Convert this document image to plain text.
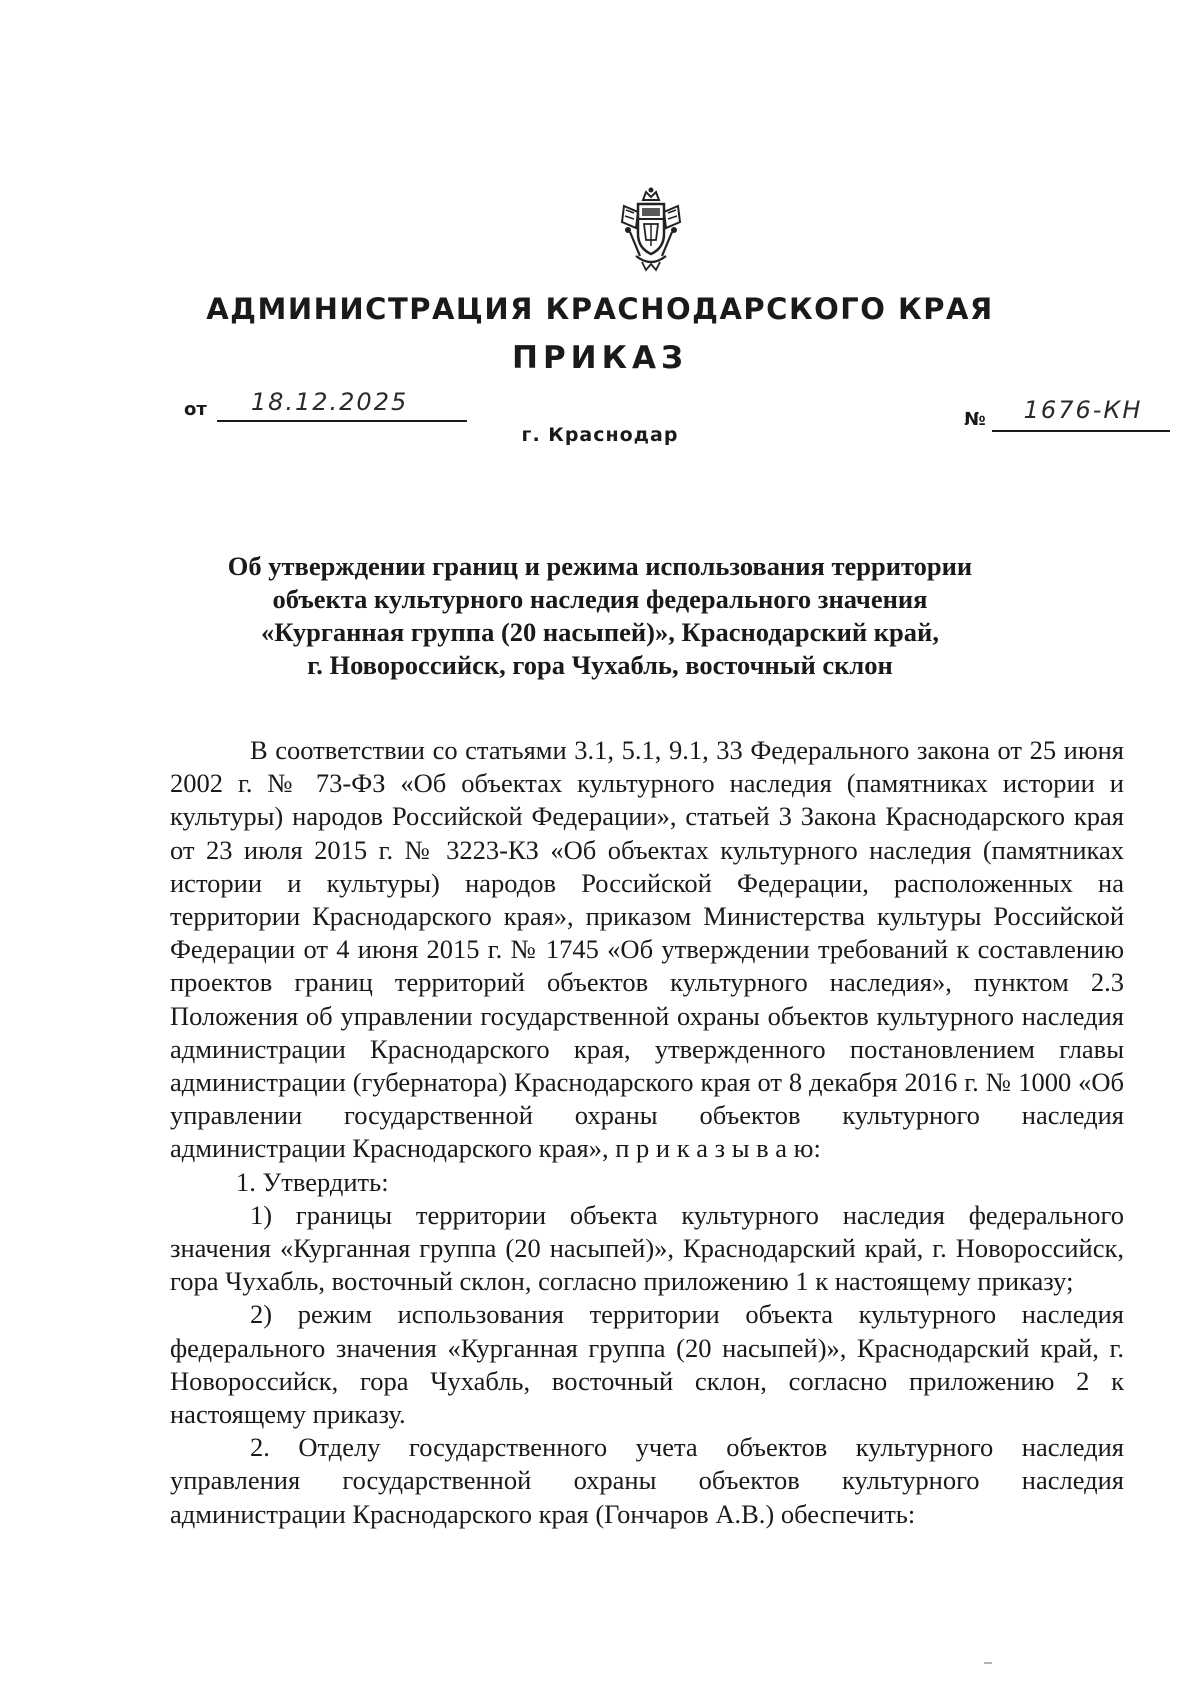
АДМИНИСТРАЦИЯ КРАСНОДАРСКОГО КРАЯ
ПРИКАЗ
от 18.12.2025
№ 1676-КН
г. Краснодар
Об утверждении границ и режима использования территории
объекта культурного наследия федерального значения
«Курганная группа (20 насыпей)», Краснодарский край,
г. Новороссийск, гора Чухабль, восточный склон

В соответствии со статьями 3.1, 5.1, 9.1, 33 Федерального закона от 25 июня 2002 г. № 73-ФЗ «Об объектах культурного наследия (памятниках истории и культуры) народов Российской Федерации», статьей 3 Закона Краснодарского края от 23 июля 2015 г. № 3223-КЗ «Об объектах культурного наследия (памятниках истории и культуры) народов Российской Федерации, расположенных на территории Краснодарского края», приказом Министерства культуры Российской Федерации от 4 июня 2015 г. № 1745 «Об утверждении требований к составлению проектов границ территорий объектов культурного наследия», пунктом 2.3 Положения об управлении государственной охраны объектов культурного наследия администрации Краснодарского края, утвержденного постановлением главы администрации (губернатора) Краснодарского края от 8 декабря 2016 г. № 1000 «Об управлении государственной охраны объектов культурного наследия администрации Краснодарского края», п р и к а з ы в а ю:

1. Утвердить:

1) границы территории объекта культурного наследия федерального значения «Курганная группа (20 насыпей)», Краснодарский край, г. Новороссийск, гора Чухабль, восточный склон, согласно приложению 1 к настоящему приказу;

2) режим использования территории объекта культурного наследия федерального значения «Курганная группа (20 насыпей)», Краснодарский край, г. Новороссийск, гора Чухабль, восточный склон, согласно приложению 2 к настоящему приказу.

2. Отделу государственного учета объектов культурного наследия управления государственной охраны объектов культурного наследия администрации Краснодарского края (Гончаров А.В.) обеспечить:
